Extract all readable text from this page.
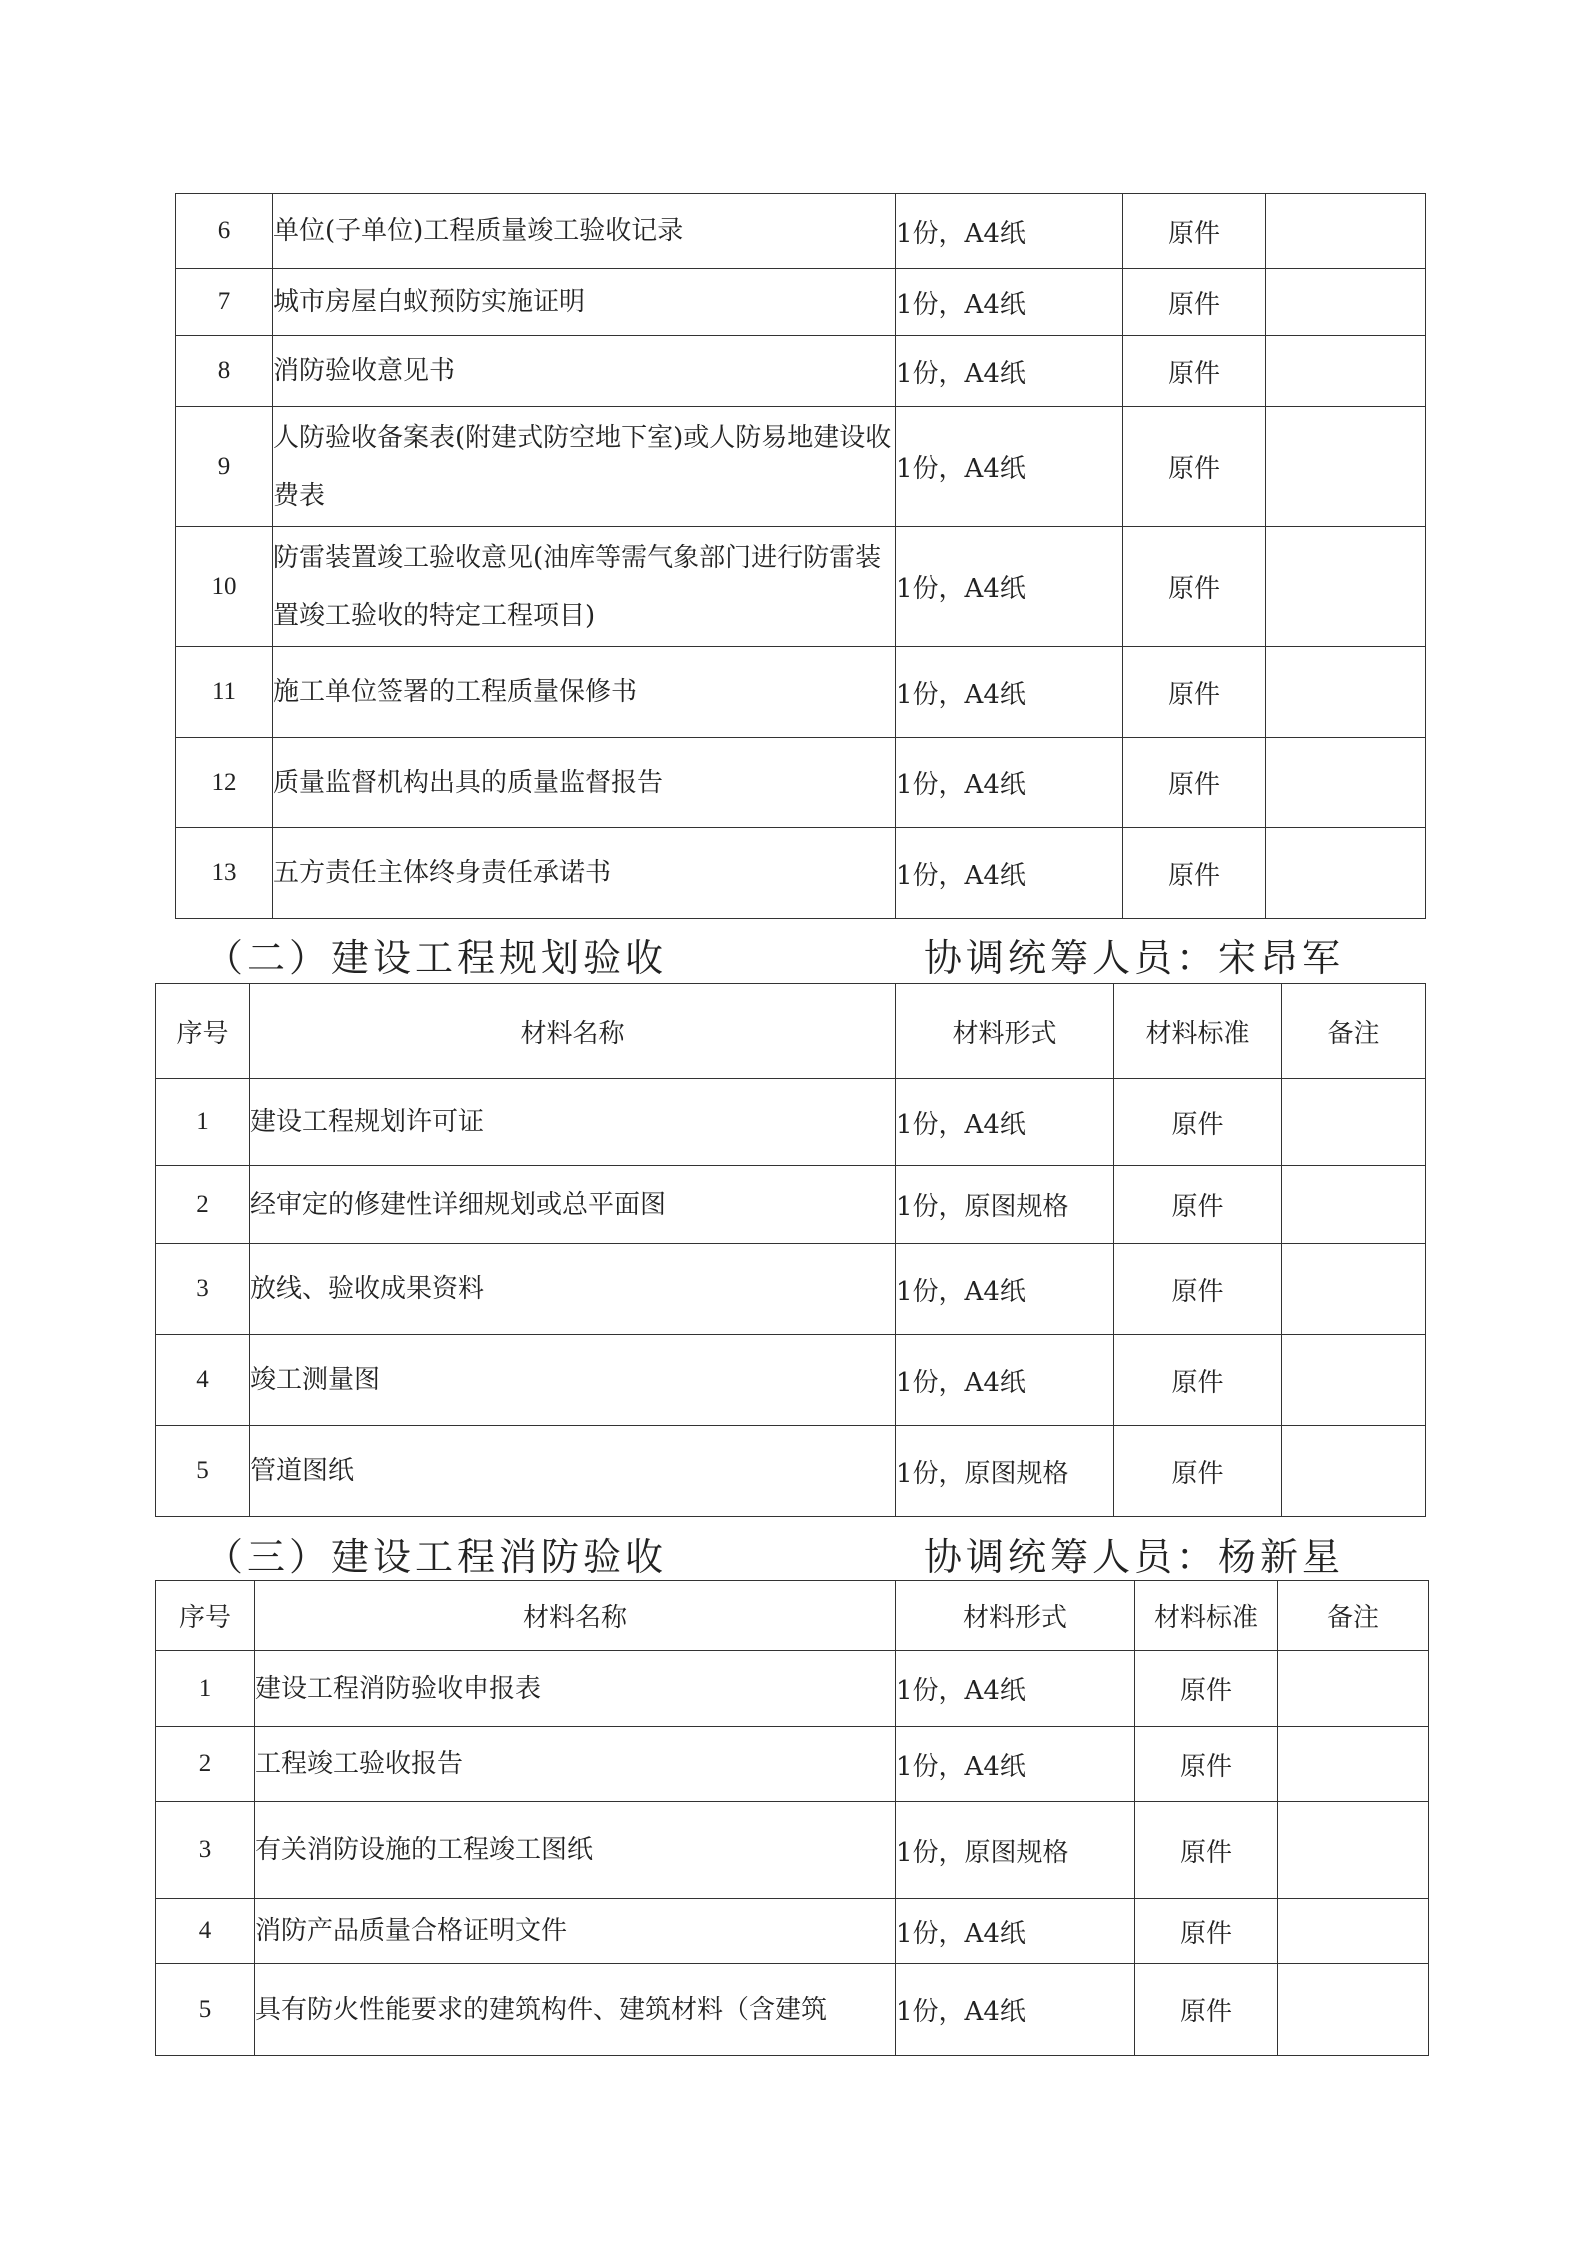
6	单位(子单位)工程质量竣工验收记录	1份，A4纸	原件	
7	城市房屋白蚁预防实施证明	1份，A4纸	原件	
8	消防验收意见书	1份，A4纸	原件	
9	人防验收备案表(附建式防空地下室)或人防易地建设收费表	1份，A4纸	原件	
10	防雷装置竣工验收意见(油库等需气象部门进行防雷装置竣工验收的特定工程项目)	1份，A4纸	原件	
11	施工单位签署的工程质量保修书	1份，A4纸	原件	
12	质量监督机构出具的质量监督报告	1份，A4纸	原件	
13	五方责任主体终身责任承诺书	1份，A4纸	原件	
（二）建设工程规划验收	协调统筹人员：宋昂军
序号	材料名称	材料形式	材料标准	备注
1	建设工程规划许可证	1份，A4纸	原件	
2	经审定的修建性详细规划或总平面图	1份，原图规格	原件	
3	放线、验收成果资料	1份，A4纸	原件	
4	竣工测量图	1份，A4纸	原件	
5	管道图纸	1份，原图规格	原件	
（三）建设工程消防验收	协调统筹人员：杨新星
序号	材料名称	材料形式	材料标准	备注
1	建设工程消防验收申报表	1份，A4纸	原件	
2	工程竣工验收报告	1份，A4纸	原件	
3	有关消防设施的工程竣工图纸	1份，原图规格	原件	
4	消防产品质量合格证明文件	1份，A4纸	原件	
5	具有防火性能要求的建筑构件、建筑材料（含建筑	1份，A4纸	原件	
